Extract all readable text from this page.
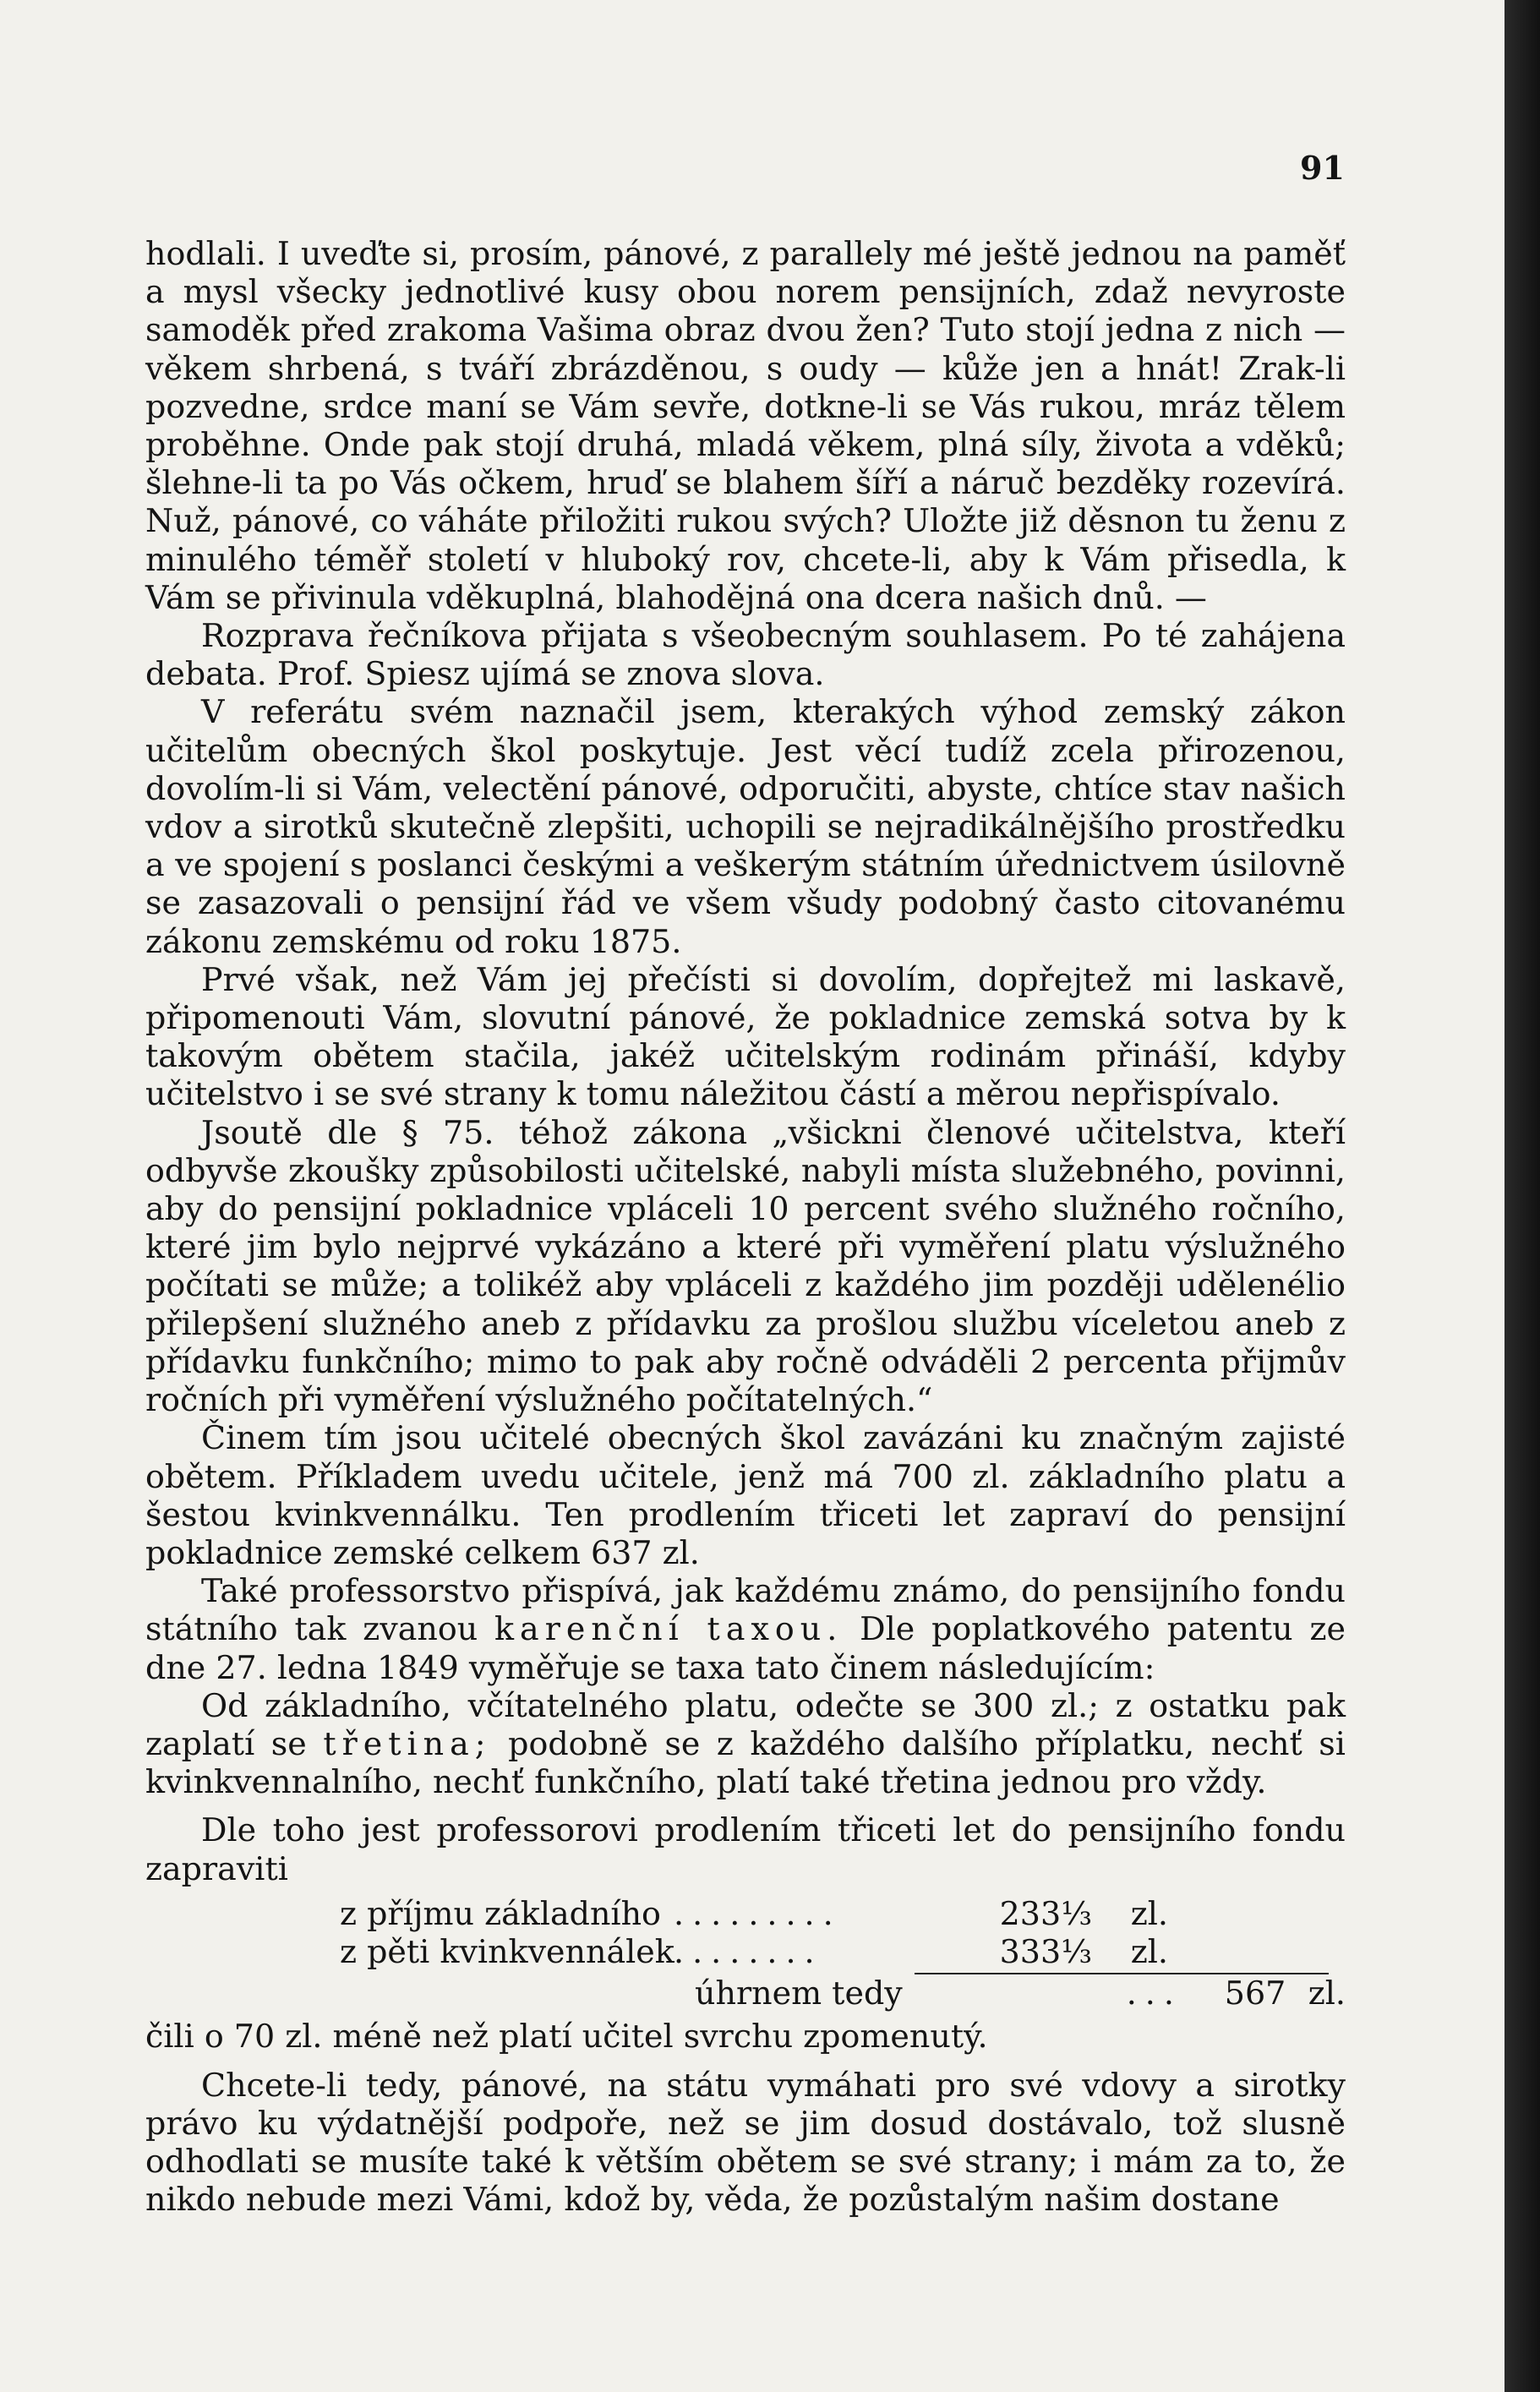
91

hodlali. I uveďte si, prosím, pánové, z parallely mé ještě jednou na paměť a mysl všecky jednotlivé kusy obou norem pensijních, zdaž nevyroste samoděk před zrakoma Vašima obraz dvou žen? Tuto stojí jedna z nich — věkem shrbená, s tváří zbrázděnou, s oudy — kůže jen a hnát! Zrak-li pozvedne, srdce maní se Vám sevře, dotkne-li se Vás rukou, mráz tělem proběhne. Onde pak stojí druhá, mladá věkem, plná síly, života a vděků; šlehne-li ta po Vás očkem, hruď se blahem šíří a náruč bezděky rozevírá. Nuž, pánové, co váháte přiložiti rukou svých? Uložte již děsnon tu ženu z minulého téměř století v hluboký rov, chcete-li, aby k Vám přisedla, k Vám se přivinula vděkuplná, blahodějná ona dcera našich dnů. —

Rozprava řečníkova přijata s všeobecným souhlasem. Po té zahájena debata. Prof. Spiesz ujímá se znova slova.

V referátu svém naznačil jsem, kterakých výhod zemský zákon učitelům obecných škol poskytuje. Jest věcí tudíž zcela přirozenou, dovolím-li si Vám, velectění pánové, odporučiti, abyste, chtíce stav našich vdov a sirotků skutečně zlepšiti, uchopili se nejradikálnějšího prostředku a ve spojení s poslanci českými a veškerým státním úřednictvem úsilovně se zasazovali o pensijní řád ve všem všudy podobný často citovanému zákonu zemskému od roku 1875.

Prvé však, než Vám jej přečísti si dovolím, dopřejtež mi laskavě, připomenouti Vám, slovutní pánové, že pokladnice zemská sotva by k takovým obětem stačila, jakéž učitelským rodinám přináší, kdyby učitelstvo i se své strany k tomu náležitou částí a měrou nepřispívalo.

Jsoutě dle § 75. téhož zákona „všickni členové učitelstva, kteří odbyvše zkoušky způsobilosti učitelské, nabyli místa služebného, povinni, aby do pensijní pokladnice vpláceli 10 percent svého služného ročního, které jim bylo nejprvé vykázáno a které při vyměření platu výslužného počítati se může; a tolikéž aby vpláceli z každého jim později udělenélio přilepšení služného aneb z přídavku za prošlou službu víceletou aneb z přídavku funkčního; mimo to pak aby ročně odváděli 2 percenta přijmův ročních při vyměření výslužného počítatelných.“

Činem tím jsou učitelé obecných škol zavázáni ku značným zajisté obětem. Příkladem uvedu učitele, jenž má 700 zl. základního platu a šestou kvinkvennálku. Ten prodlením třiceti let zapraví do pensijní pokladnice zemské celkem 637 zl.

Také professorstvo přispívá, jak každému známo, do pensijního fondu státního tak zvanou karenční taxou. Dle poplatkového patentu ze dne 27. ledna 1849 vyměřuje se taxa tato činem následujícím:

Od základního, včítatelného platu, odečte se 300 zl.; z ostatku pak zaplatí se třetina; podobně se z každého dalšího příplatku, nechť si kvinkvennalního, nechť funkčního, platí také třetina jednou pro vždy.

Dle toho jest professorovi prodlením třiceti let do pensijního fondu zapraviti

z příjmu základního .........	233⅓	zl.
z pěti kvinkvennálek ........	333⅓	zl.
úhrnem tedy	...	567 zl.

čili o 70 zl. méně než platí učitel svrchu zpomenutý.

Chcete-li tedy, pánové, na státu vymáhati pro své vdovy a sirotky právo ku výdatnější podpoře, než se jim dosud dostávalo, tož slusně odhodlati se musíte také k větším obětem se své strany; i mám za to, že nikdo nebude mezi Vámi, kdož by, věda, že pozůstalým našim dostane
